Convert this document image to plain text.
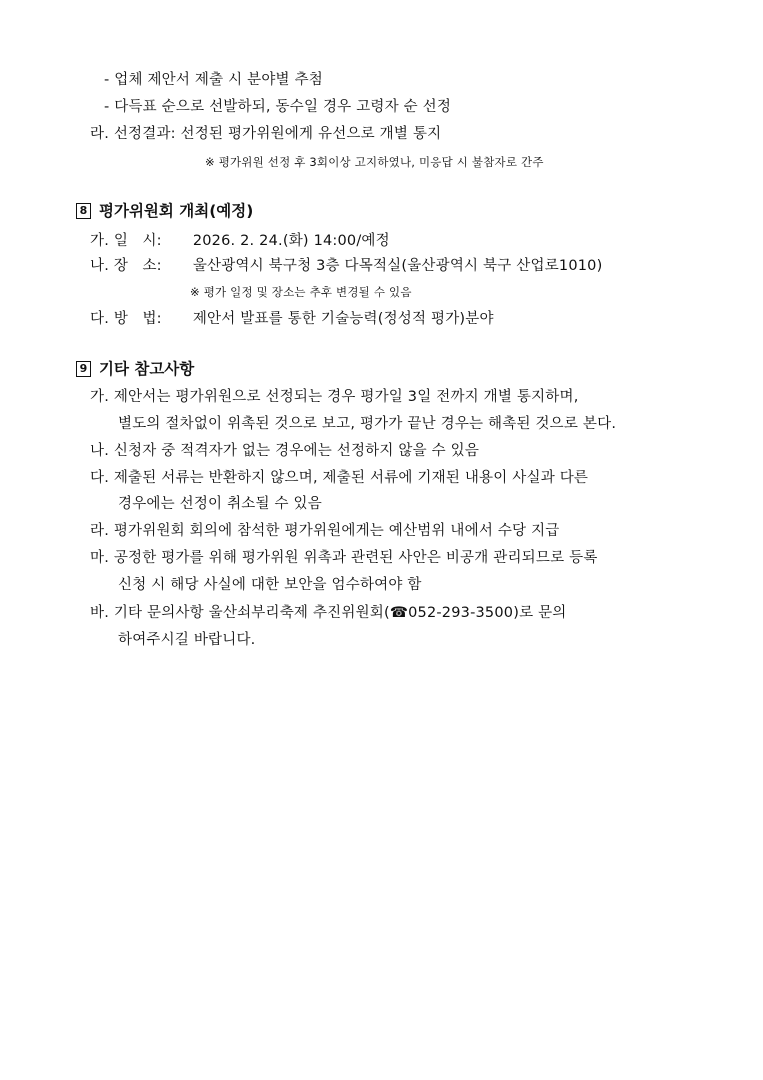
- 업체 제안서 제출 시 분야별 추첨
- 다득표 순으로 선발하되, 동수일 경우 고령자 순 선정
라. 선정결과: 선정된 평가위원에게 유선으로 개별 통지
※ 평가위원 선정 후 3회이상 고지하였나, 미응답 시 불참자로 간주
8 평가위원회 개최(예정)
가. 일   시: 2026. 2. 24.(화) 14:00/예정
나. 장   소: 울산광역시 북구청 3층 다목적실(울산광역시 북구 산업로1010)
※ 평가 일정 및 장소는 추후 변경될 수 있음
다. 방   법: 제안서 발표를 통한 기술능력(정성적 평가)분야
9 기타 참고사항
가. 제안서는 평가위원으로 선정되는 경우 평가일 3일 전까지 개별 통지하며,
별도의 절차없이 위촉된 것으로 보고, 평가가 끝난 경우는 해촉된 것으로 본다.
나. 신청자 중 적격자가 없는 경우에는 선정하지 않을 수 있음
다. 제출된 서류는 반환하지 않으며, 제출된 서류에 기재된 내용이 사실과 다른
경우에는 선정이 취소될 수 있음
라. 평가위원회 회의에 참석한 평가위원에게는 예산범위 내에서 수당 지급
마. 공정한 평가를 위해 평가위원 위촉과 관련된 사안은 비공개 관리되므로 등록
신청 시 해당 사실에 대한 보안을 엄수하여야 함
바. 기타 문의사항 울산쇠부리축제 추진위원회(☎052-293-3500)로 문의
하여주시길 바랍니다.
